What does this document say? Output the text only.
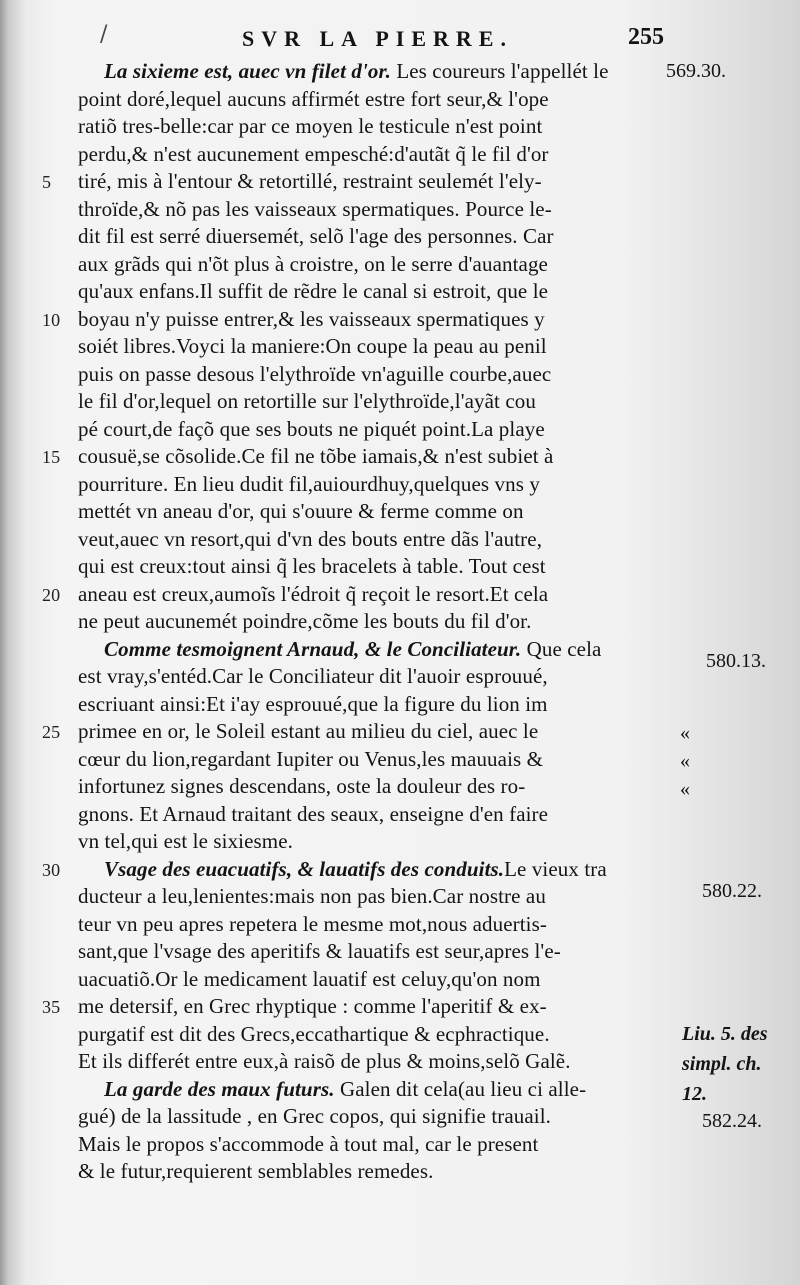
/	SVR LA PIERRE.	255
La sixieme est, auec vn filet d'or. Les coureurs l'appellét le
point doré,lequel aucuns affirmét estre fort seur,& l'ope
ratiõ tres-belle:car par ce moyen le testicule n'est point
perdu,& n'est aucunement empesché:d'autãt q̃ le fil d'or
5 tiré, mis à l'entour & retortillé, restraint seulemét l'ely-
throïde,& nõ pas les vaisseaux spermatiques. Pource le-
dit fil est serré diuersemét, selõ l'age des personnes. Car
aux grãds qui n'õt plus à croistre, on le serre d'auantage
qu'aux enfans.Il suffit de rẽdre le canal si estroit, que le
10 boyau n'y puisse entrer,& les vaisseaux spermatiques y
soiét libres.Voyci la maniere:On coupe la peau au penil
puis on passe desous l'elythroïde vn'aguille courbe,auec
le fil d'or,lequel on retortille sur l'elythroïde,l'ayãt cou
pé court,de façõ que ses bouts ne piquét point.La playe
15 cousuë,se cõsolide.Ce fil ne tõbe iamais,& n'est subiet à
pourriture. En lieu dudit fil,auiourdhuy,quelques vns y
mettét vn aneau d'or, qui s'ouure & ferme comme on
veut,auec vn resort,qui d'vn des bouts entre dãs l'autre,
qui est creux:tout ainsi q̃ les bracelets à table. Tout cest
20 aneau est creux,aumoĩs l'édroit q̃ reçoit le resort.Et cela
ne peut aucunemét poindre,cõme les bouts du fil d'or.
Comme tesmoignent Arnaud, & le Conciliateur. Que cela
est vray,s'entéd.Car le Conciliateur dit l'auoir esprouué,
escriuant ainsi:Et i'ay esprouué,que la figure du lion im
25 primee en or, le Soleil estant au milieu du ciel, auec le
cœur du lion,regardant Iupiter ou Venus,les mauuais &
infortunez signes descendans, oste la douleur des ro-
gnons. Et Arnaud traitant des seaux, enseigne d'en faire
vn tel,qui est le sixiesme.
30 Vsage des euacuatifs, & lauatifs des conduits.Le vieux tra
ducteur a leu,lenientes:mais non pas bien.Car nostre au
teur vn peu apres repetera le mesme mot,nous aduertis-
sant,que l'vsage des aperitifs & lauatifs est seur,apres l'e-
uacuatiõ.Or le medicament lauatif est celuy,qu'on nom
35 me detersif, en Grec rhyptique : comme l'aperitif & ex-
purgatif est dit des Grecs,eccathartique & ecphractique.
Et ils differét entre eux,à raisõ de plus & moins,selõ Galẽ.
La garde des maux futurs. Galen dit cela(au lieu ci alle-
gué) de la lassitude , en Grec copos, qui signifie trauail.
Mais le propos s'accommode à tout mal, car le present
& le futur,requierent semblables remedes.
569.30.
580.13.
«
«
«
580.22.
Liu. 5. des
simpl. ch.
12.
582.24.
